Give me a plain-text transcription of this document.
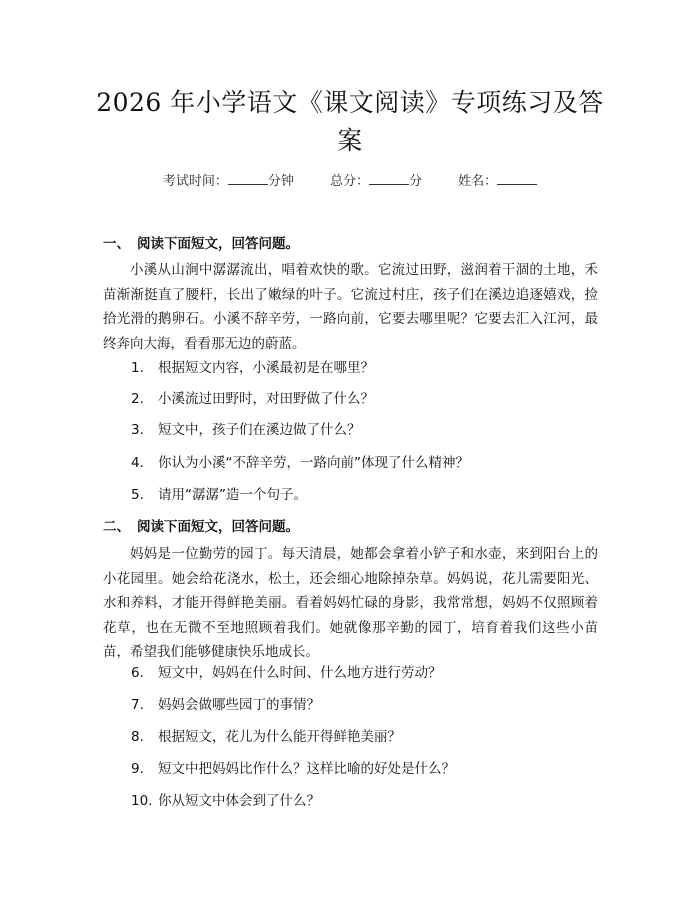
2026 年小学语文《课文阅读》专项练习及答案
考试时间：	分钟	总分：	分	姓名：
一、 阅读下面短文，回答问题。

小溪从山涧中潺潺流出，唱着欢快的歌。它流过田野，滋润着干涸的土地，禾苗渐渐挺直了腰杆，长出了嫩绿的叶子。它流过村庄，孩子们在溪边追逐嬉戏，捡拾光滑的鹅卵石。小溪不辞辛劳，一路向前，它要去哪里呢？它要去汇入江河，最终奔向大海，看看那无边的蔚蓝。

1. 根据短文内容，小溪最初是在哪里？
2. 小溪流过田野时，对田野做了什么？
3. 短文中，孩子们在溪边做了什么？
4. 你认为小溪“不辞辛劳，一路向前”体现了什么精神？
5. 请用“潺潺”造一个句子。
二、 阅读下面短文，回答问题。

妈妈是一位勤劳的园丁。每天清晨，她都会拿着小铲子和水壶，来到阳台上的小花园里。她会给花浇水，松土，还会细心地除掉杂草。妈妈说，花儿需要阳光、水和养料，才能开得鲜艳美丽。看着妈妈忙碌的身影，我常常想，妈妈不仅照顾着花草，也在无微不至地照顾着我们。她就像那辛勤的园丁，培育着我们这些小苗苗，希望我们能够健康快乐地成长。

6. 短文中，妈妈在什么时间、什么地方进行劳动？
7. 妈妈会做哪些园丁的事情？
8. 根据短文，花儿为什么能开得鲜艳美丽？
9. 短文中把妈妈比作什么？这样比喻的好处是什么？
10. 你从短文中体会到了什么？
